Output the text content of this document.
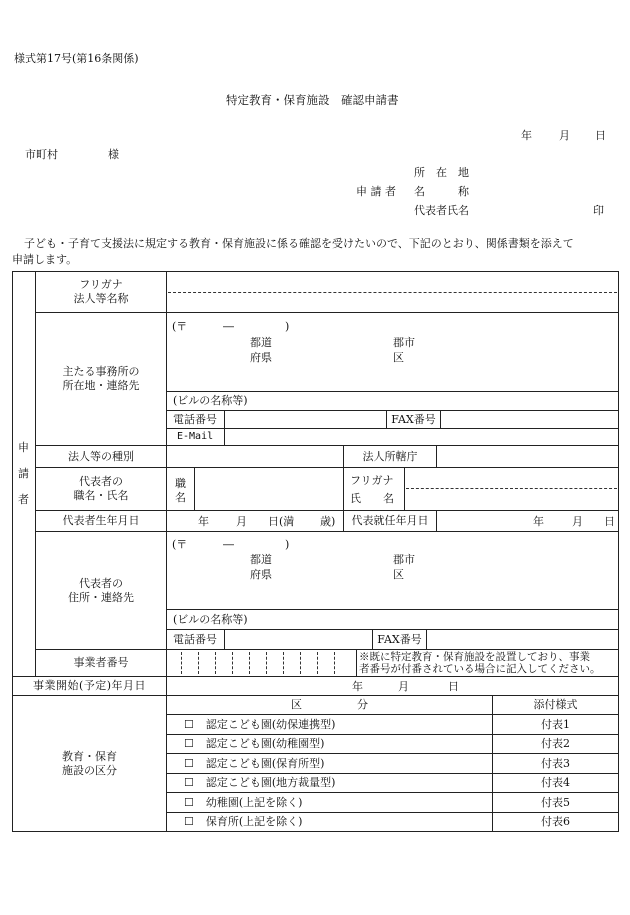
様式第17号(第16条関係)
特定教育・保育施設　確認申請書
年 月 日
市町村	様
所　在　地
申 請 者 名　　　称
代表者氏名	印
子ども・子育て支援法に規定する教育・保育施設に係る確認を受けたいので、下記のとおり、関係書類を添えて
申請します。
申
請
者
フリガナ
法人等名称
主たる事務所の
所在地・連絡先
(〒	―	)
都道
府県
郡市
区
(ビルの名称等)
電話番号	FAX番号
E-Mail
法人等の種別	法人所轄庁
代表者の
職名・氏名
職
名
フリガナ
氏　　名
代表者生年月日	年 月 日(満 歳) 代表就任年月日	年	月 日
代表者の
住所・連絡先
(〒	―	)
都道
府県
郡市
区
(ビルの名称等)
電話番号	FAX番号
事業者番号	※既に特定教育・保育施設を設置しており、事業
者番号が付番されている場合に記入してください。
事業開始(予定)年月日	年	月	日
教育・保育
施設の区分
区　　　　　分	添付様式
☐ 認定こども園(幼保連携型)	付表1
☐ 認定こども園(幼稚園型)	付表2
☐ 認定こども園(保育所型)	付表3
☐ 認定こども園(地方裁量型)	付表4
☐ 幼稚園(上記を除く)	付表5
☐ 保育所(上記を除く)	付表6
